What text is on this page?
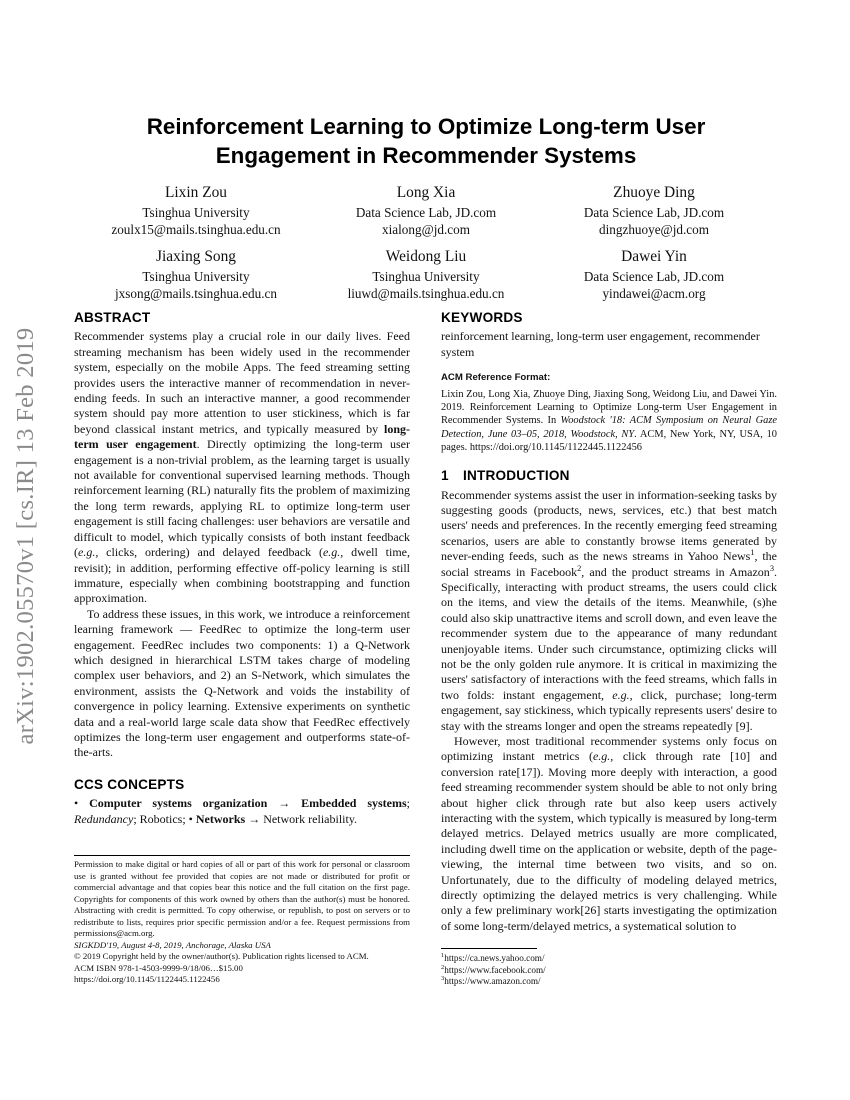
arXiv:1902.05570v1 [cs.IR] 13 Feb 2019
Reinforcement Learning to Optimize Long-term User Engagement in Recommender Systems
Lixin Zou
Tsinghua University
zoulx15@mails.tsinghua.edu.cn
Long Xia
Data Science Lab, JD.com
xialong@jd.com
Zhuoye Ding
Data Science Lab, JD.com
dingzhuoye@jd.com
Jiaxing Song
Tsinghua University
jxsong@mails.tsinghua.edu.cn
Weidong Liu
Tsinghua University
liuwd@mails.tsinghua.edu.cn
Dawei Yin
Data Science Lab, JD.com
yindawei@acm.org
ABSTRACT

Recommender systems play a crucial role in our daily lives. Feed streaming mechanism has been widely used in the recommender system, especially on the mobile Apps. The feed streaming setting provides users the interactive manner of recommendation in never-ending feeds. In such an interactive manner, a good recommender system should pay more attention to user stickiness, which is far beyond classical instant metrics, and typically measured by long-term user engagement. Directly optimizing the long-term user engagement is a non-trivial problem, as the learning target is usually not available for conventional supervised learning methods. Though reinforcement learning (RL) naturally fits the problem of maximizing the long term rewards, applying RL to optimize long-term user engagement is still facing challenges: user behaviors are versatile and difficult to model, which typically consists of both instant feedback (e.g., clicks, ordering) and delayed feedback (e.g., dwell time, revisit); in addition, performing effective off-policy learning is still immature, especially when combining bootstrapping and function approximation.

To address these issues, in this work, we introduce a reinforcement learning framework — FeedRec to optimize the long-term user engagement. FeedRec includes two components: 1) a Q-Network which designed in hierarchical LSTM takes charge of modeling complex user behaviors, and 2) an S-Network, which simulates the environment, assists the Q-Network and voids the instability of convergence in policy learning. Extensive experiments on synthetic data and a real-world large scale data show that FeedRec effectively optimizes the long-term user engagement and outperforms state-of-the-arts.

CCS CONCEPTS

• Computer systems organization → Embedded systems; Redundancy; Robotics; • Networks → Network reliability.

Permission to make digital or hard copies of all or part of this work for personal or classroom use is granted without fee provided that copies are not made or distributed for profit or commercial advantage and that copies bear this notice and the full citation on the first page. Copyrights for components of this work owned by others than the author(s) must be honored. Abstracting with credit is permitted. To copy otherwise, or republish, to post on servers or to redistribute to lists, requires prior specific permission and/or a fee. Request permissions from permissions@acm.org.

SIGKDD'19, August 4-8, 2019, Anchorage, Alaska USA

© 2019 Copyright held by the owner/author(s). Publication rights licensed to ACM.

ACM ISBN 978-1-4503-9999-9/18/06…$15.00

https://doi.org/10.1145/1122445.1122456

KEYWORDS

reinforcement learning, long-term user engagement, recommender system

ACM Reference Format:

Lixin Zou, Long Xia, Zhuoye Ding, Jiaxing Song, Weidong Liu, and Dawei Yin. 2019. Reinforcement Learning to Optimize Long-term User Engagement in Recommender Systems. In Woodstock '18: ACM Symposium on Neural Gaze Detection, June 03–05, 2018, Woodstock, NY. ACM, New York, NY, USA, 10 pages. https://doi.org/10.1145/1122445.1122456

1 INTRODUCTION

Recommender systems assist the user in information-seeking tasks by suggesting goods (products, news, services, etc.) that best match users' needs and preferences. In the recently emerging feed streaming scenarios, users are able to constantly browse items generated by never-ending feeds, such as the news streams in Yahoo News$^1$, the social streams in Facebook$^2$, and the product streams in Amazon$^3$. Specifically, interacting with product streams, the users could click on the items, and view the details of the items. Meanwhile, (s)he could also skip unattractive items and scroll down, and even leave the recommender system due to the appearance of many redundant unenjoyable items. Under such circumstance, optimizing clicks will not be the only golden rule anymore. It is critical in maximizing the users' satisfactory of interactions with the feed streams, which falls in two folds: instant engagement, e.g., click, purchase; long-term engagement, say stickiness, which typically represents users' desire to stay with the streams longer and open the streams repeatedly [9].

However, most traditional recommender systems only focus on optimizing instant metrics (e.g., click through rate [10] and conversion rate[17]). Moving more deeply with interaction, a good feed streaming recommender system should be able to not only bring about higher click through rate but also keep users actively interacting with the system, which typically is measured by long-term delayed metrics. Delayed metrics usually are more complicated, including dwell time on the application or website, depth of the page-viewing, the internal time between two visits, and so on. Unfortunately, due to the difficulty of modeling delayed metrics, directly optimizing the delayed metrics is very challenging. While only a few preliminary work[26] starts investigating the optimization of some long-term/delayed metrics, a systematical solution to

$^1$https://ca.news.yahoo.com/
$^2$https://www.facebook.com/
$^3$https://www.amazon.com/
